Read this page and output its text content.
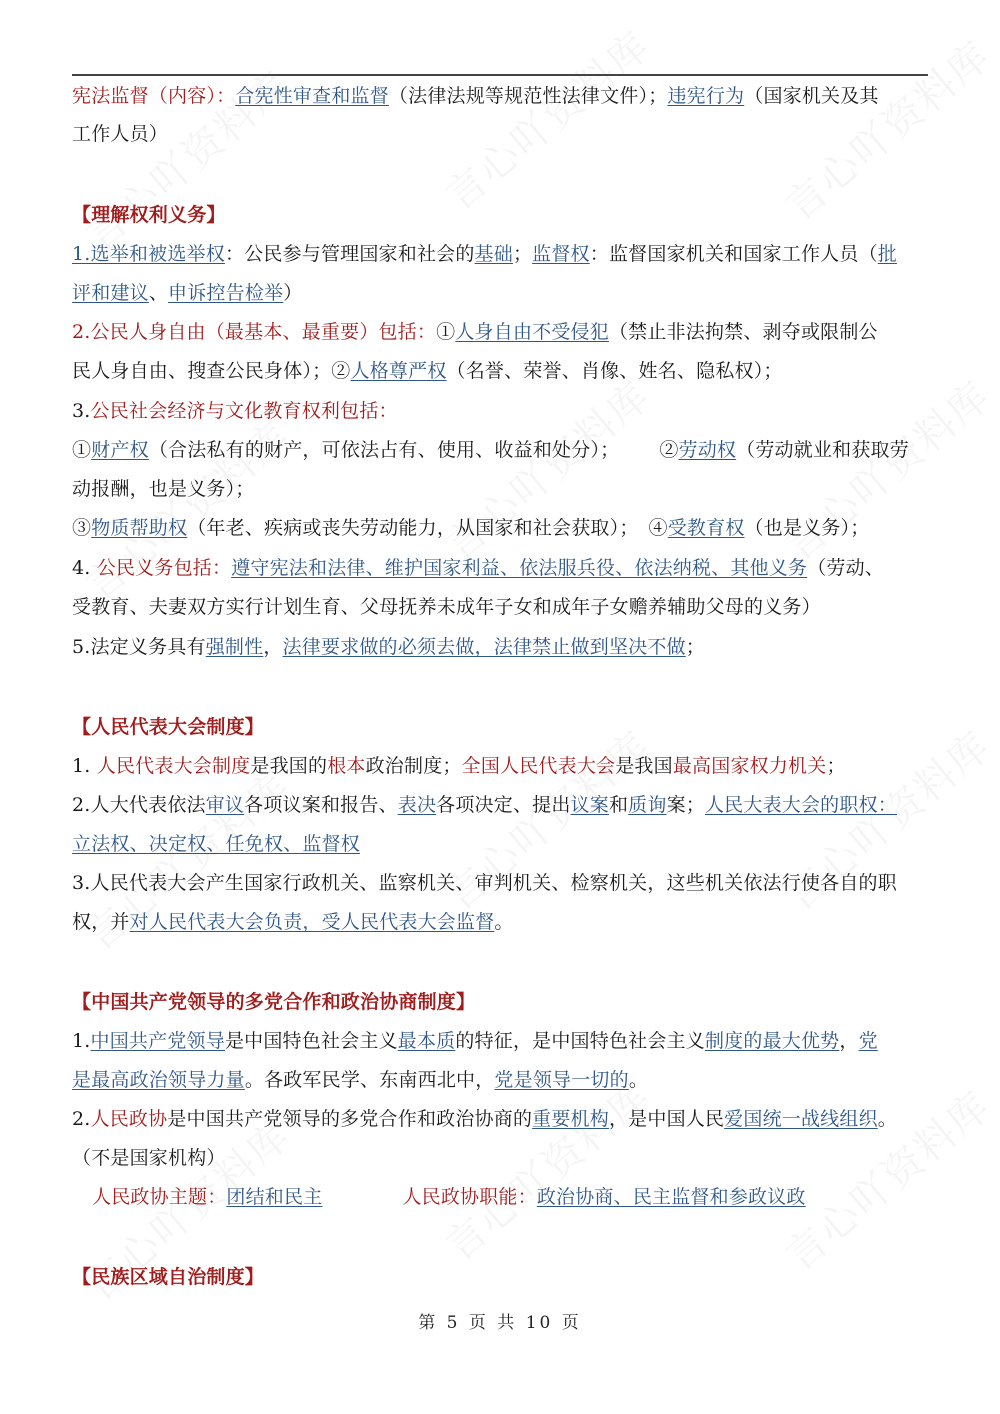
宪法监督（内容）：合宪性审查和监督（法律法规等规范性法律文件）；违宪行为（国家机关及其
工作人员）
【理解权利义务】
1.选举和被选举权：公民参与管理国家和社会的基础；监督权：监督国家机关和国家工作人员（批
评和建议、申诉控告检举）
2.公民人身自由（最基本、最重要）包括：①人身自由不受侵犯（禁止非法拘禁、剥夺或限制公
民人身自由、搜查公民身体）；②人格尊严权（名誉、荣誉、肖像、姓名、隐私权）；
3.公民社会经济与文化教育权利包括：
①财产权（合法私有的财产，可依法占有、使用、收益和处分）； ②劳动权（劳动就业和获取劳
动报酬，也是义务）；
③物质帮助权（年老、疾病或丧失劳动能力，从国家和社会获取）； ④受教育权（也是义务）；
4. 公民义务包括：遵守宪法和法律、维护国家利益、依法服兵役、依法纳税、其他义务（劳动、
受教育、夫妻双方实行计划生育、父母抚养未成年子女和成年子女赡养辅助父母的义务）
5.法定义务具有强制性，法律要求做的必须去做，法律禁止做到坚决不做；
【人民代表大会制度】
1. 人民代表大会制度是我国的根本政治制度；全国人民代表大会是我国最高国家权力机关；
2.人大代表依法审议各项议案和报告、表决各项决定、提出议案和质询案；人民大表大会的职权：
立法权、决定权、任免权、监督权
3.人民代表大会产生国家行政机关、监察机关、审判机关、检察机关，这些机关依法行使各自的职
权，并对人民代表大会负责，受人民代表大会监督。
【中国共产党领导的多党合作和政治协商制度】
1.中国共产党领导是中国特色社会主义最本质的特征，是中国特色社会主义制度的最大优势，党
是最高政治领导力量。各政军民学、东南西北中，党是领导一切的。
2.人民政协是中国共产党领导的多党合作和政治协商的重要机构，是中国人民爱国统一战线组织。
（不是国家机构）
人民政协主题：团结和民主	人民政协职能：政治协商、民主监督和参政议政
【民族区域自治制度】
第 5 页 共 10 页
